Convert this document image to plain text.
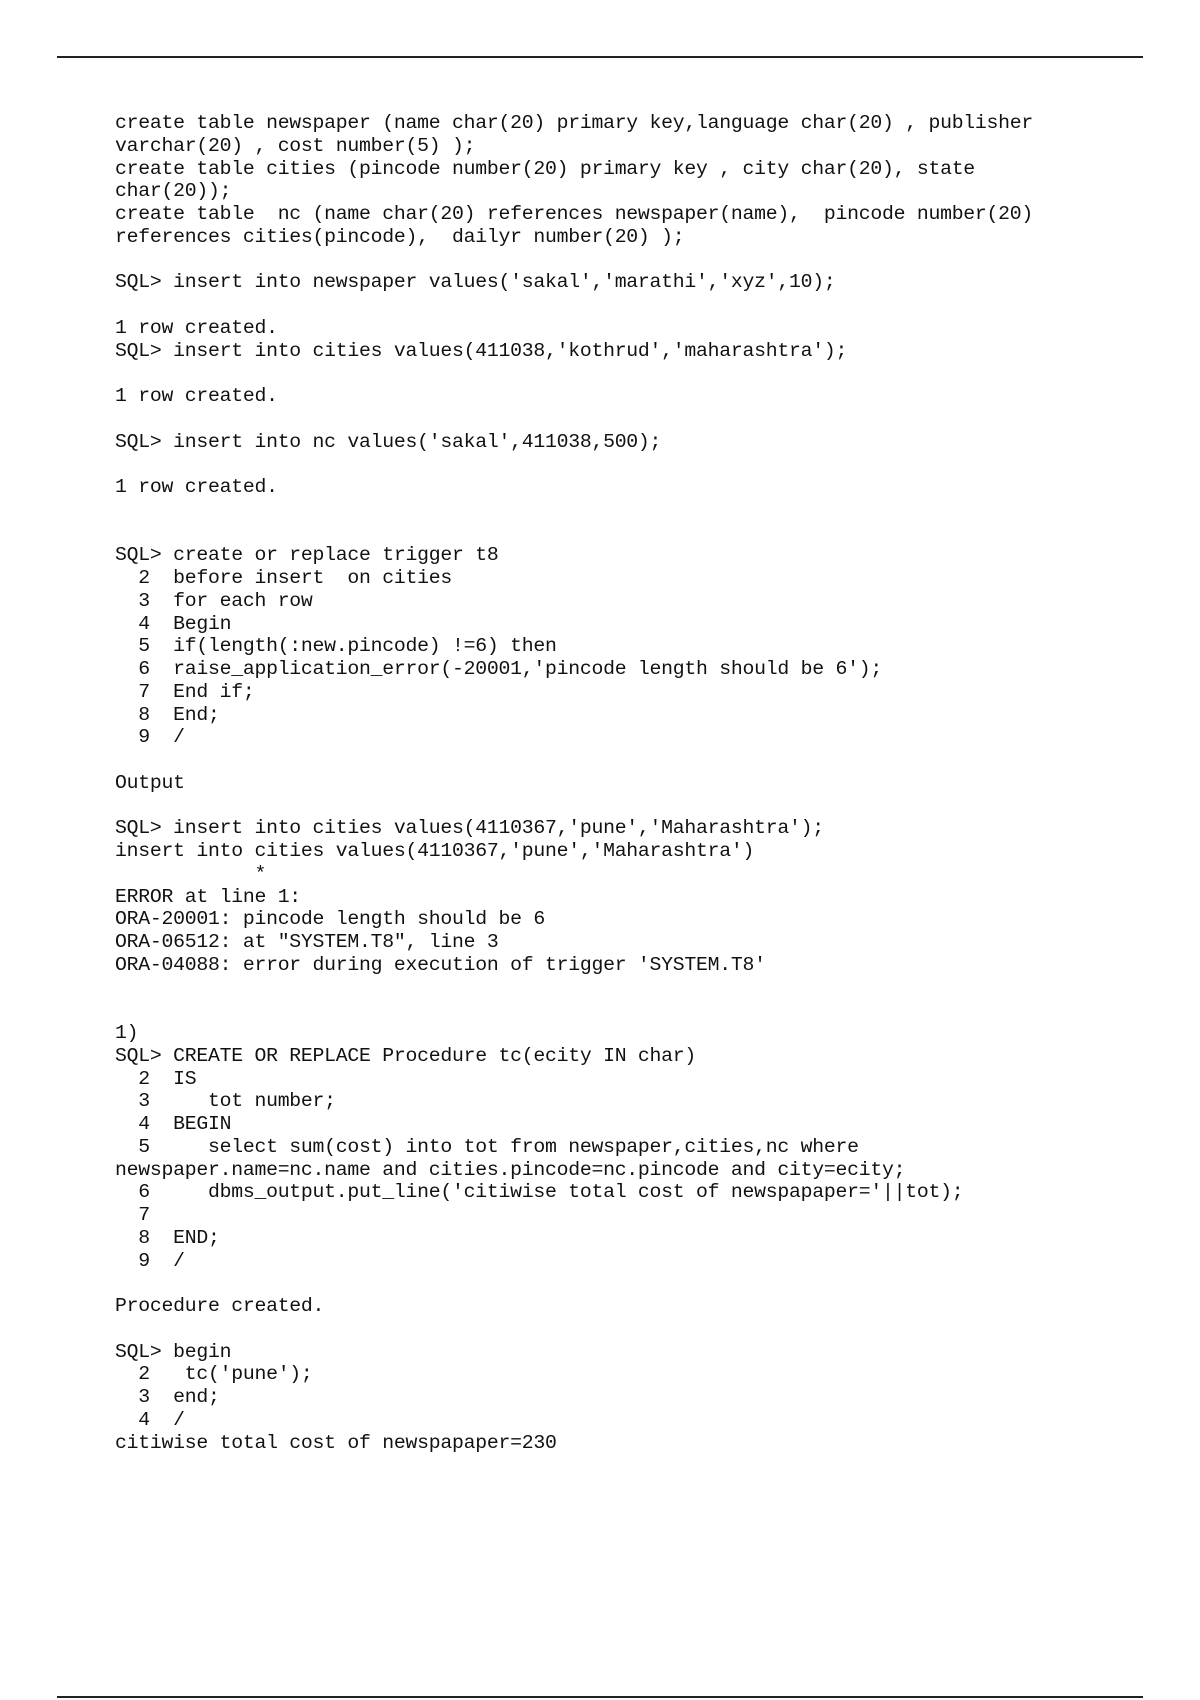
create table newspaper (name char(20) primary key,language char(20) , publisher
varchar(20) , cost number(5) );
create table cities (pincode number(20) primary key , city char(20), state
char(20));
create table  nc (name char(20) references newspaper(name),  pincode number(20)
references cities(pincode),  dailyr number(20) );
SQL> insert into newspaper values('sakal','marathi','xyz',10);
1 row created.
SQL> insert into cities values(411038,'kothrud','maharashtra');
1 row created.
SQL> insert into nc values('sakal',411038,500);
1 row created.
SQL> create or replace trigger t8
2  before insert  on cities
3  for each row
4  Begin
5  if(length(:new.pincode) !=6) then
6  raise_application_error(-20001,'pincode length should be 6');
7  End if;
8  End;
9  /
Output
SQL> insert into cities values(4110367,'pune','Maharashtra');
insert into cities values(4110367,'pune','Maharashtra')
*
ERROR at line 1:
ORA-20001: pincode length should be 6
ORA-06512: at "SYSTEM.T8", line 3
ORA-04088: error during execution of trigger 'SYSTEM.T8'
1)
SQL> CREATE OR REPLACE Procedure tc(ecity IN char)
2  IS
3     tot number;
4  BEGIN
5     select sum(cost) into tot from newspaper,cities,nc where
newspaper.name=nc.name and cities.pincode=nc.pincode and city=ecity;
6     dbms_output.put_line('citiwise total cost of newspapaper='||tot);
7
8  END;
9  /
Procedure created.
SQL> begin
2   tc('pune');
3  end;
4  /
citiwise total cost of newspapaper=230
